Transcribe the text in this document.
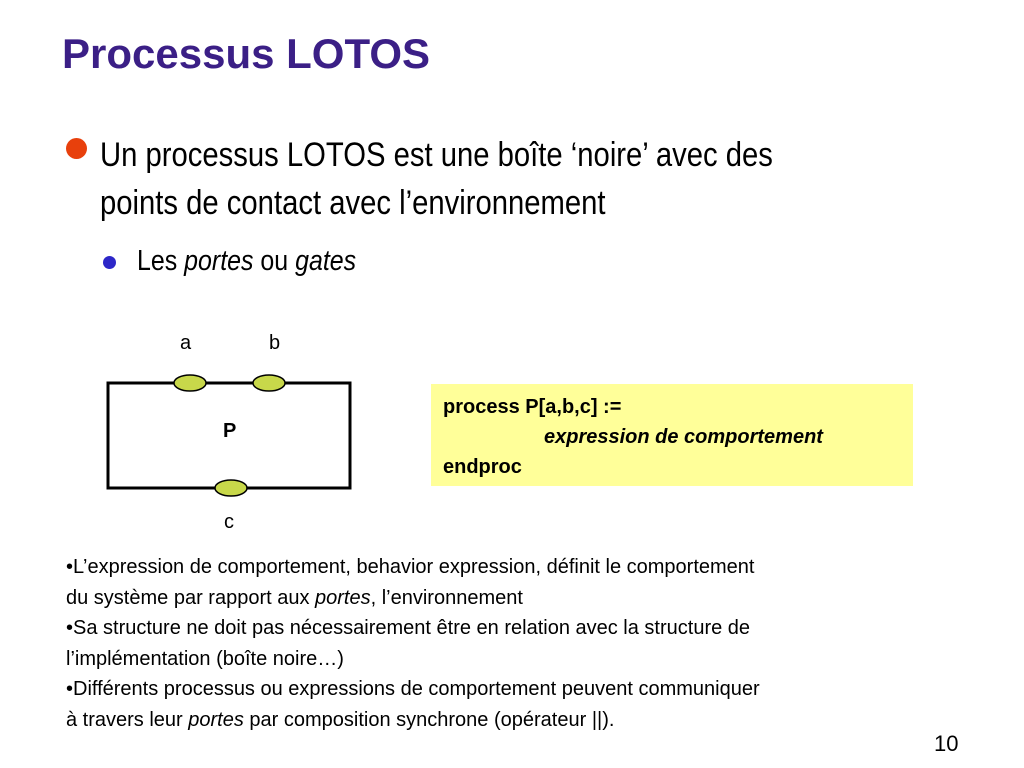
Processus LOTOS
Un processus LOTOS est une boîte ‘noire’ avec des
points de contact avec l’environnement
Les portes ou gates
a	b
c
P
process P[a,b,c] :=
expression de comportement
endproc
•L’expression de comportement, behavior expression, définit le comportement
du système par rapport aux portes, l’environnement
•Sa structure ne doit pas nécessairement être en relation avec la structure de
l’implémentation (boîte noire…)
•Différents processus ou expressions de comportement peuvent communiquer
à travers leur portes par composition synchrone (opérateur ||).
10
